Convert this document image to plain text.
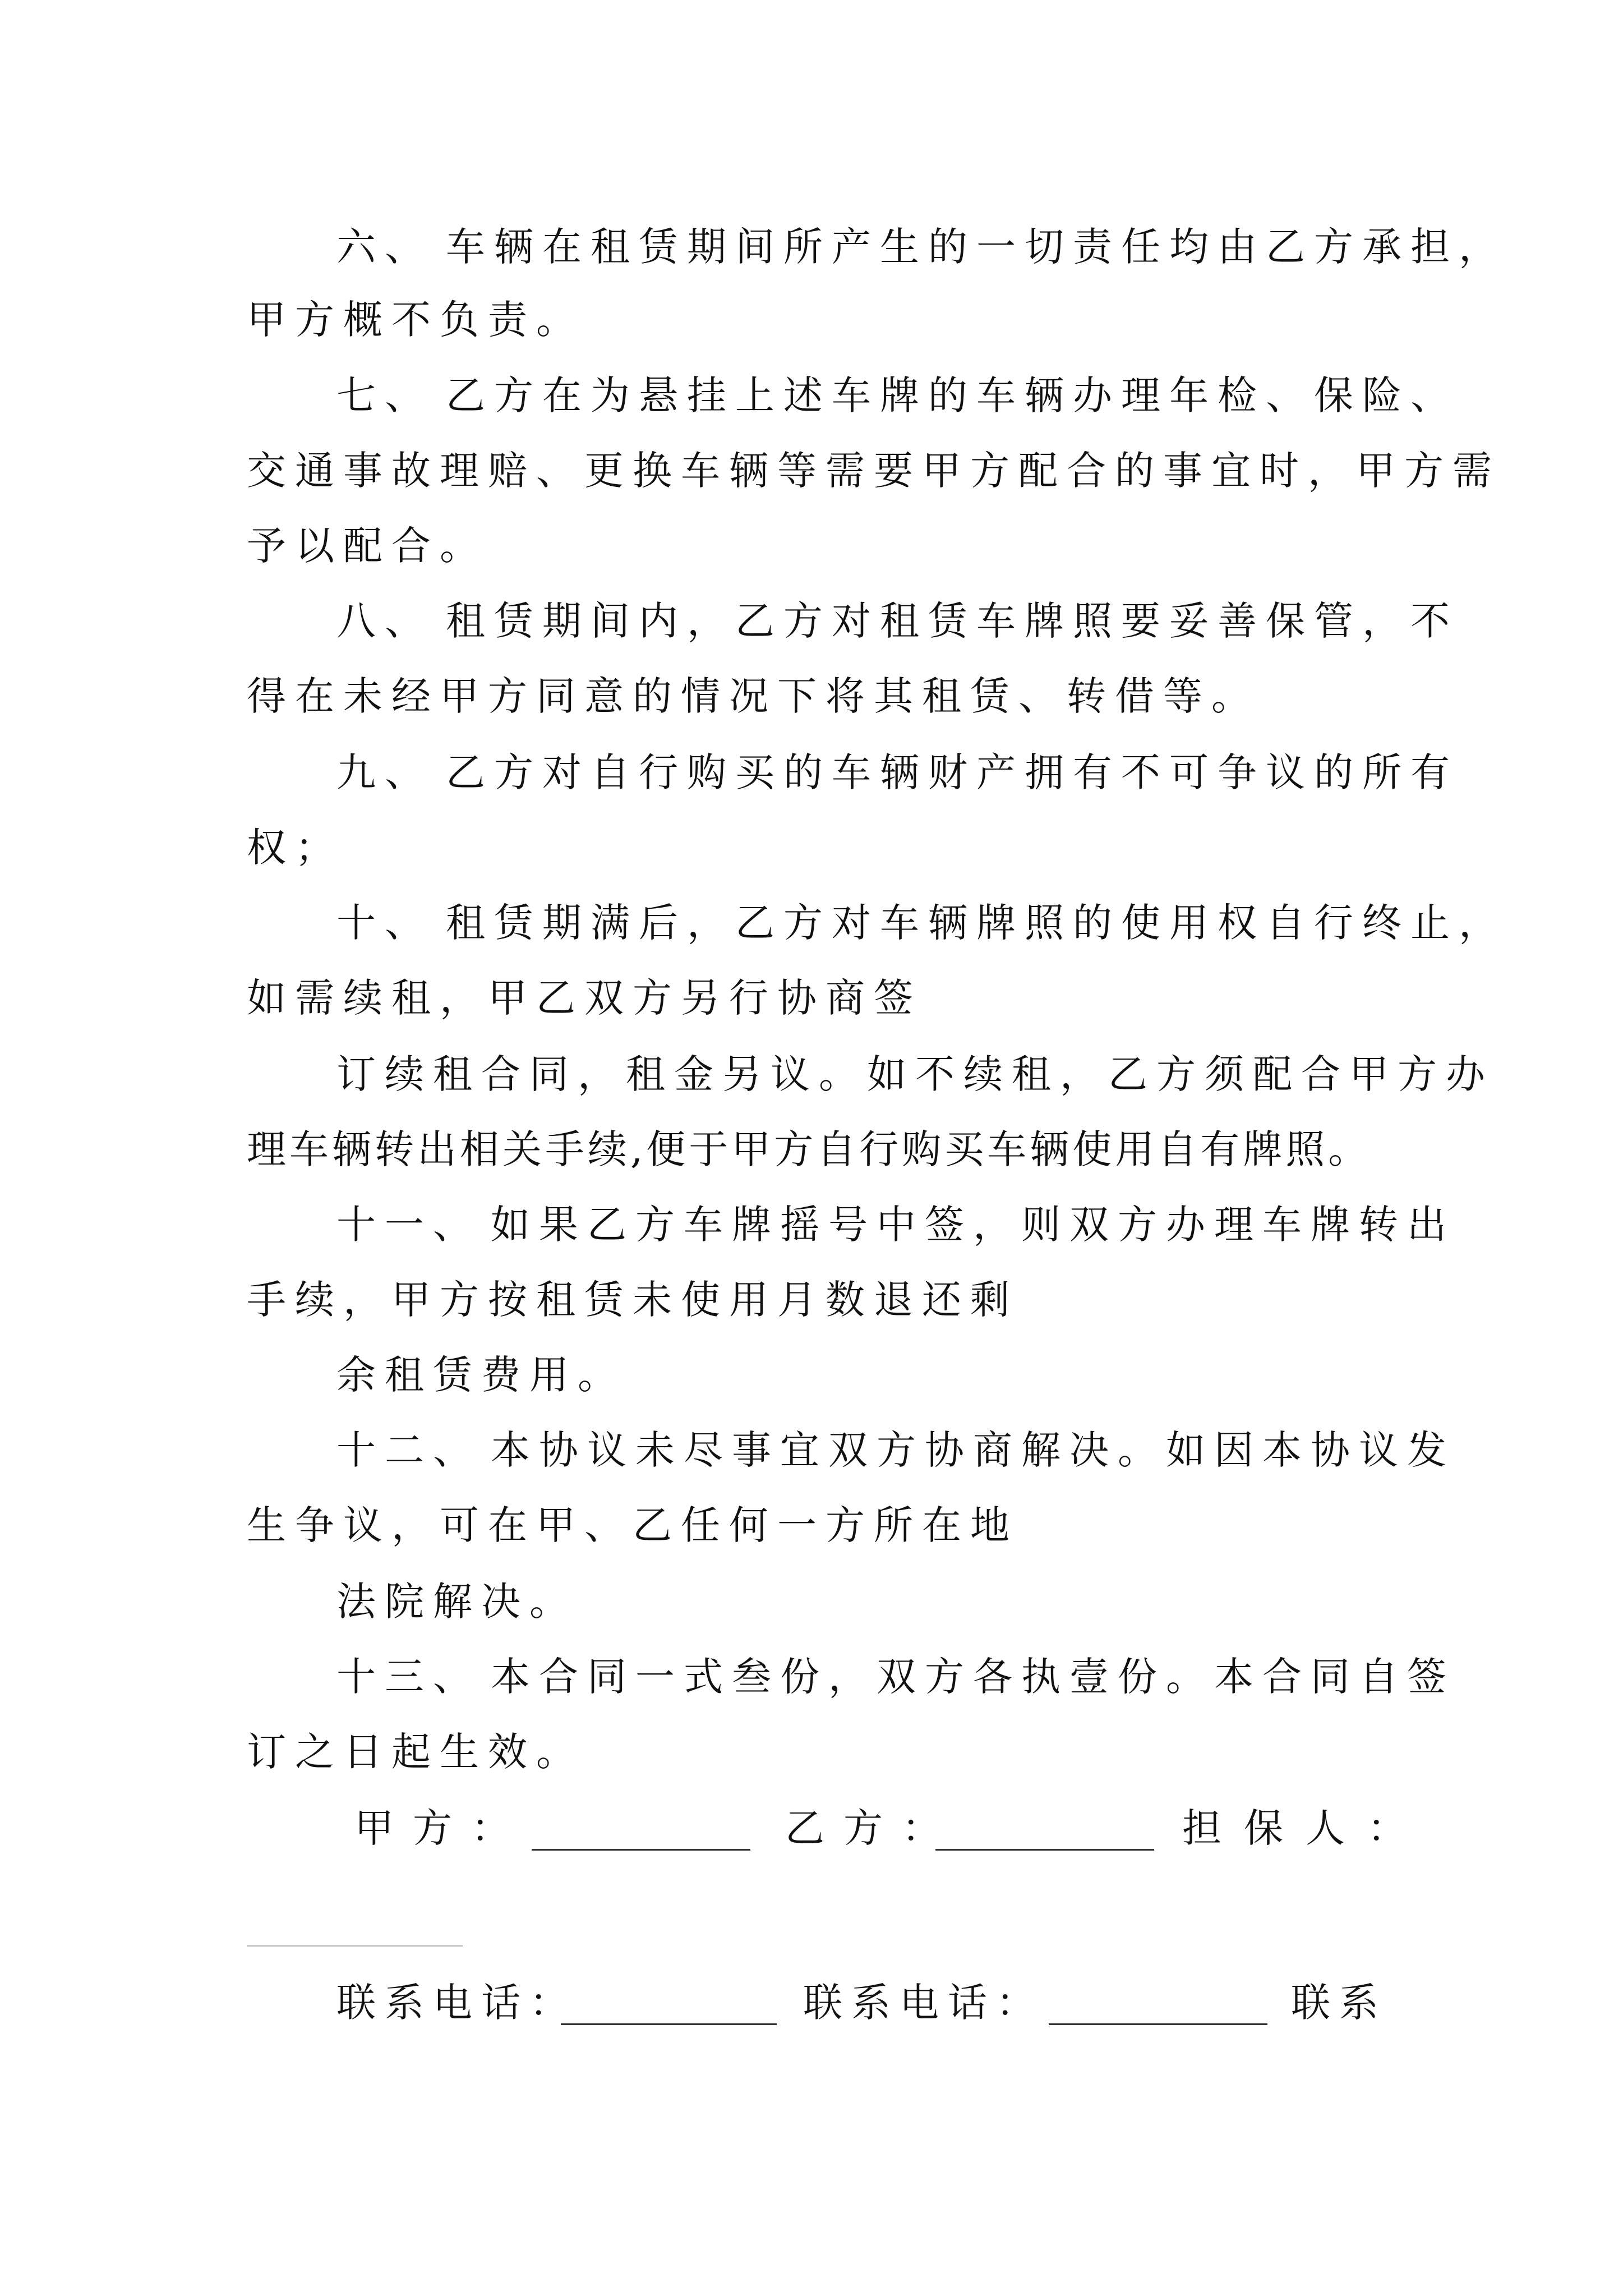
六、 车辆在租赁期间所产生的一切责任均由乙方承担，
甲方概不负责。
七、 乙方在为悬挂上述车牌的车辆办理年检、保险、
交通事故理赔、更换车辆等需要甲方配合的事宜时，甲方需
予以配合。
八、 租赁期间内，乙方对租赁车牌照要妥善保管，不
得在未经甲方同意的情况下将其租赁、转借等。
九、 乙方对自行购买的车辆财产拥有不可争议的所有
权；
十、 租赁期满后，乙方对车辆牌照的使用权自行终止，
如需续租，甲乙双方另行协商签
订续租合同，租金另议。如不续租，乙方须配合甲方办
理车辆转出相关手续,便于甲方自行购买车辆使用自有牌照。
十一、 如果乙方车牌摇号中签，则双方办理车牌转出
手续，甲方按租赁未使用月数退还剩
余租赁费用。
十二、 本协议未尽事宜双方协商解决。如因本协议发
生争议，可在甲、乙任何一方所在地
法院解决。
十三、 本合同一式叁份，双方各执壹份。本合同自签
订之日起生效。
甲方：	乙方：	担保人：
联系电话：	联系电话：	联系
